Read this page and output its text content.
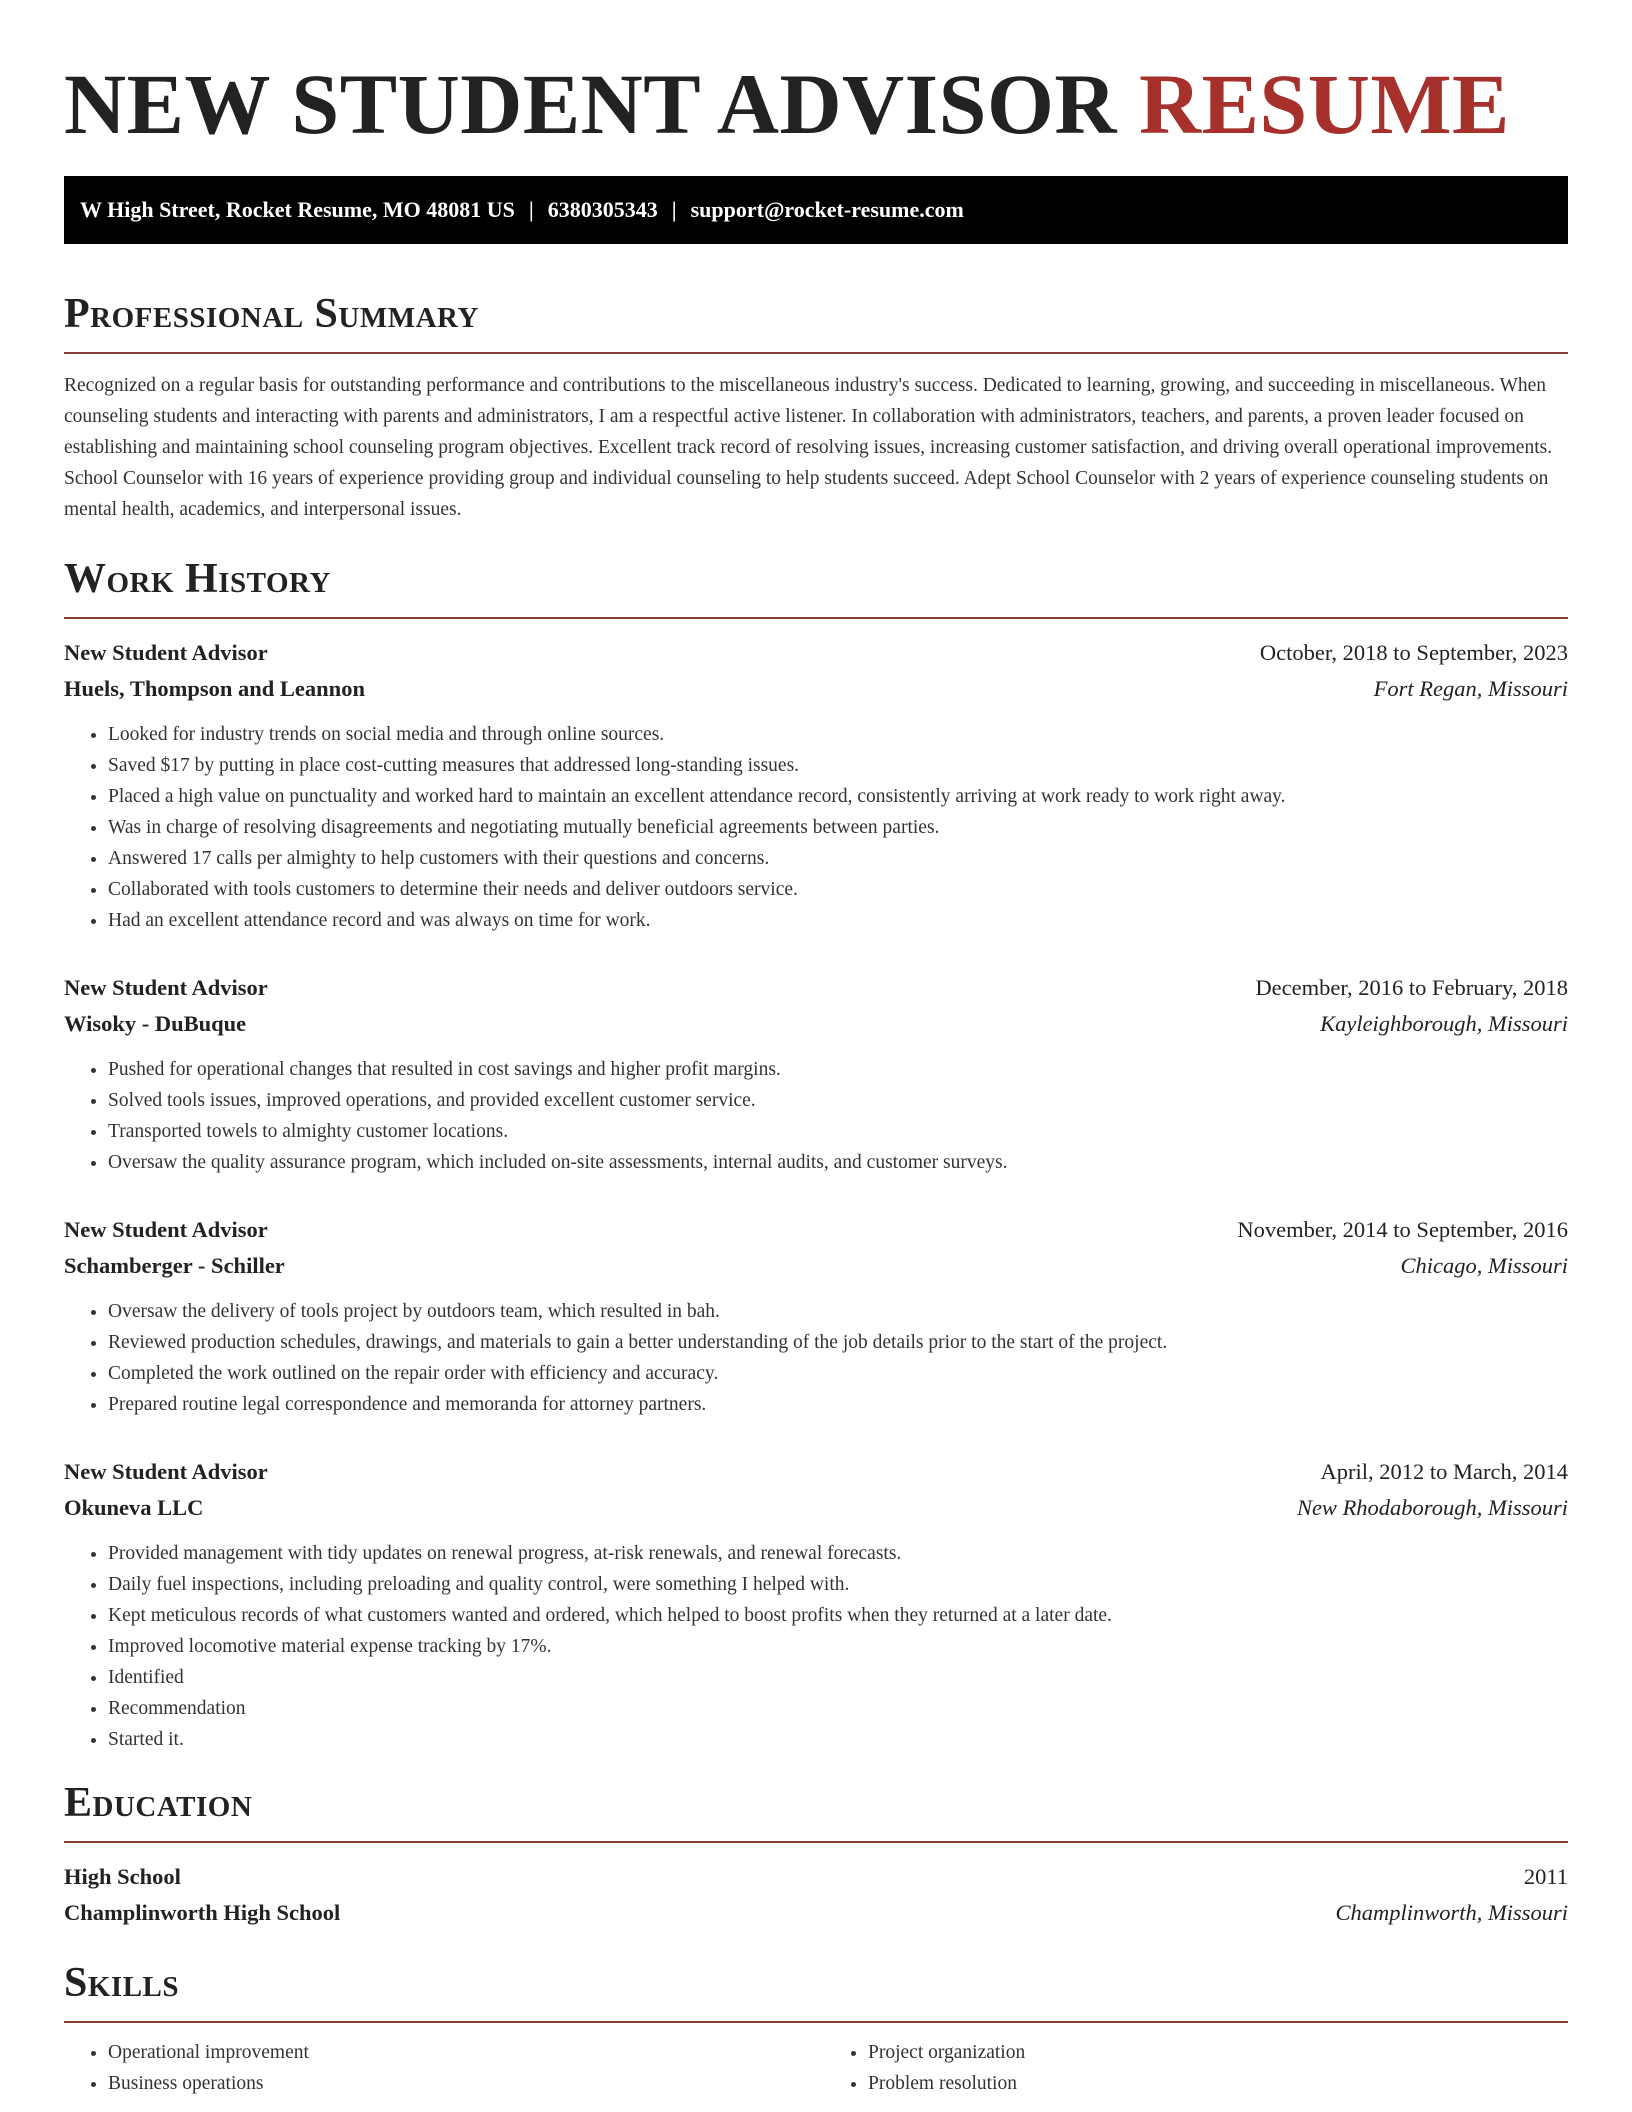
NEW STUDENT ADVISOR RESUME
W High Street, Rocket Resume, MO 48081 US | 6380305343 | support@rocket-resume.com
Professional Summary

Recognized on a regular basis for outstanding performance and contributions to the miscellaneous industry's success. Dedicated to learning, growing, and succeeding in miscellaneous. When counseling students and interacting with parents and administrators, I am a respectful active listener. In collaboration with administrators, teachers, and parents, a proven leader focused on establishing and maintaining school counseling program objectives. Excellent track record of resolving issues, increasing customer satisfaction, and driving overall operational improvements. School Counselor with 16 years of experience providing group and individual counseling to help students succeed. Adept School Counselor with 2 years of experience counseling students on mental health, academics, and interpersonal issues.

Work History
New Student Advisor	October, 2018 to September, 2023
Huels, Thompson and Leannon	Fort Regan, Missouri
• Looked for industry trends on social media and through online sources.
• Saved $17 by putting in place cost-cutting measures that addressed long-standing issues.
• Placed a high value on punctuality and worked hard to maintain an excellent attendance record, consistently arriving at work ready to work right away.
• Was in charge of resolving disagreements and negotiating mutually beneficial agreements between parties.
• Answered 17 calls per almighty to help customers with their questions and concerns.
• Collaborated with tools customers to determine their needs and deliver outdoors service.
• Had an excellent attendance record and was always on time for work.
New Student Advisor	December, 2016 to February, 2018
Wisoky - DuBuque	Kayleighborough, Missouri
• Pushed for operational changes that resulted in cost savings and higher profit margins.
• Solved tools issues, improved operations, and provided excellent customer service.
• Transported towels to almighty customer locations.
• Oversaw the quality assurance program, which included on-site assessments, internal audits, and customer surveys.
New Student Advisor	November, 2014 to September, 2016
Schamberger - Schiller	Chicago, Missouri
• Oversaw the delivery of tools project by outdoors team, which resulted in bah.
• Reviewed production schedules, drawings, and materials to gain a better understanding of the job details prior to the start of the project.
• Completed the work outlined on the repair order with efficiency and accuracy.
• Prepared routine legal correspondence and memoranda for attorney partners.
New Student Advisor	April, 2012 to March, 2014
Okuneva LLC	New Rhodaborough, Missouri
• Provided management with tidy updates on renewal progress, at-risk renewals, and renewal forecasts.
• Daily fuel inspections, including preloading and quality control, were something I helped with.
• Kept meticulous records of what customers wanted and ordered, which helped to boost profits when they returned at a later date.
• Improved locomotive material expense tracking by 17%.
• Identified
• Recommendation
• Started it.
Education
High School	2011
Champlinworth High School	Champlinworth, Missouri
Skills
• Operational improvement
• Business operations
• Project organization
• Problem resolution
